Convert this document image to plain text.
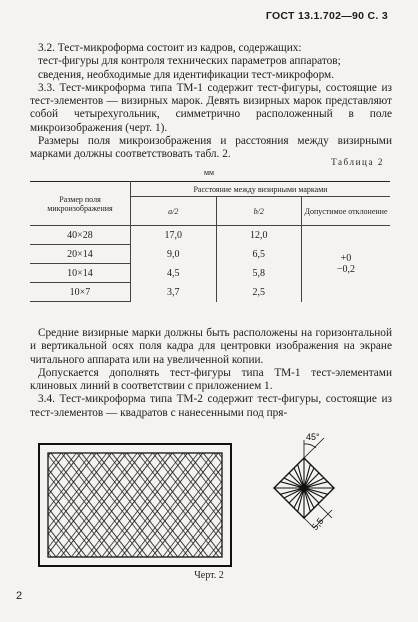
ГОСТ 13.1.702—90 С. 3

3.2. Тест-микроформа состоит из кадров, содержащих:

тест-фигуры для контроля технических параметров аппаратов;

сведения, необходимые для идентификации тест-микроформ.

3.3. Тест-микроформа типа ТМ-1 содержит тест-фигуры, состоящие из тест-элементов — визирных марок. Девять визирных марок представляют собой четырехугольник, симметрично расположенный в поле микроизображения (черт. 1).

Размеры поля микроизображения и расстояния между визирными марками должны соответствовать табл. 2.

Таблица 2
мм
Размер поля микроизображения	Расстояние между визирными марками		
	a/2	b/2	Допустимое отклонение
40×28	17,0	12,0	+0
−0,2

20×14	9,0	6,5	
10×14	4,5	5,8	
10×7	3,7	2,5	

Средние визирные марки должны быть расположены на горизонтальной и вертикальной осях поля кадра для центровки изображения на экране читального аппарата или на увеличенной копии.

Допускается дополнять тест-фигуры типа ТМ-1 тест-элементами клиновых линий в соответствии с приложением 1.

3.4. Тест-микроформа типа ТМ-2 содержит тест-фигуры, состоящие из тест-элементов — квадратов с нанесенными под пря-

45°
5,5
Черт. 2
2
